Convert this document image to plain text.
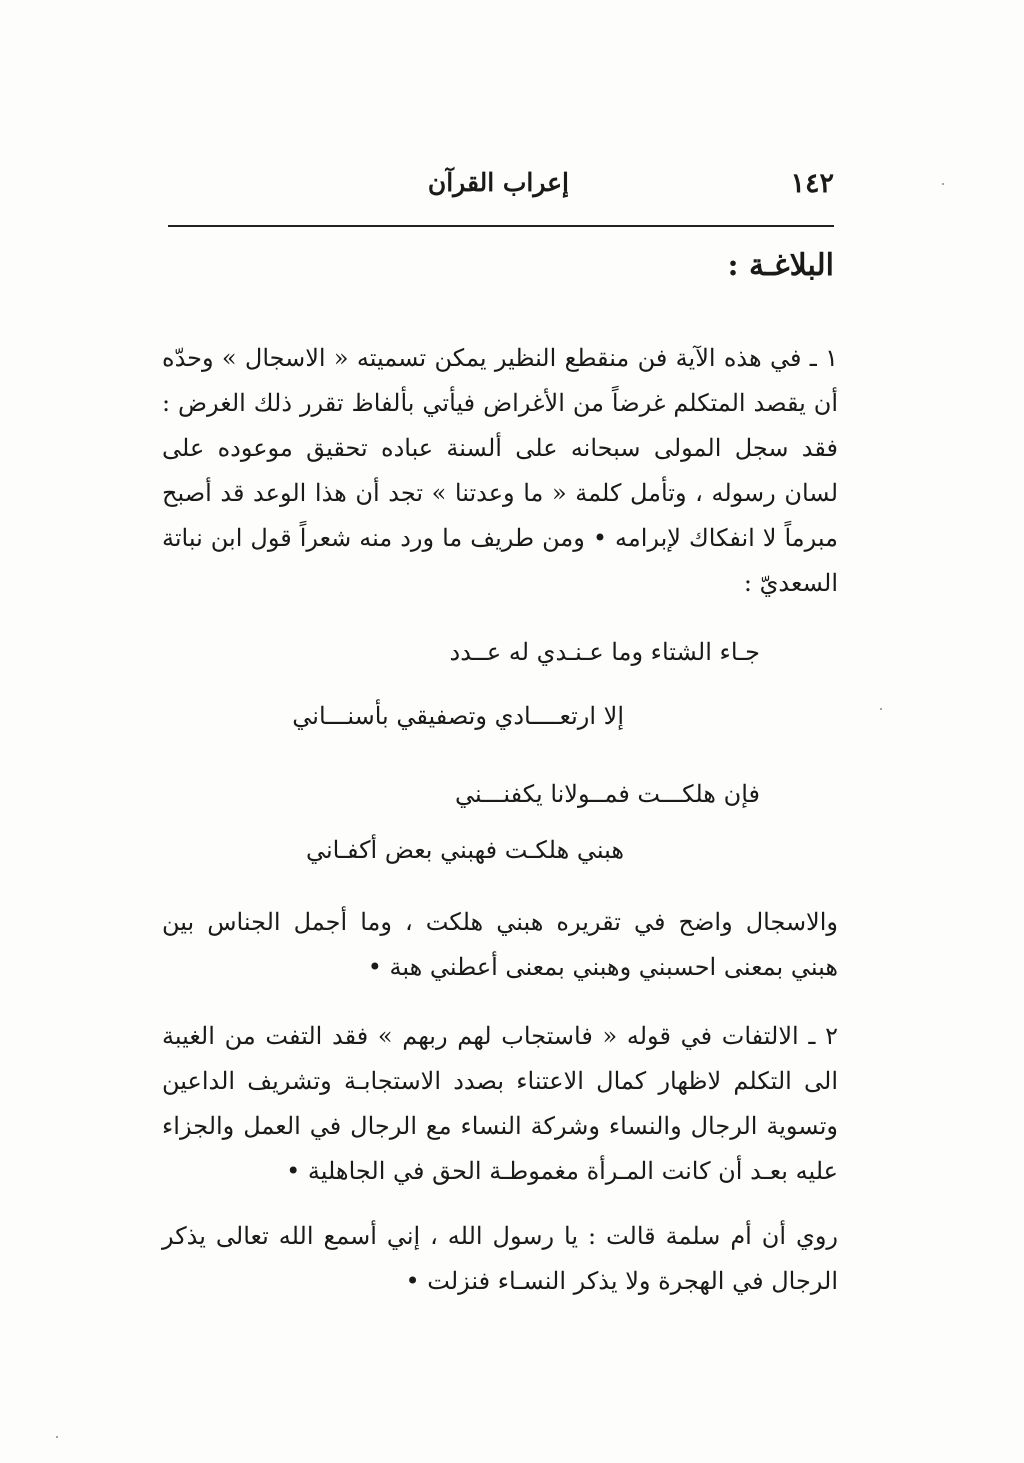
١٤٢
إعراب القرآن
البلاغـة :

١ ـ في هذه الآية فن منقطع النظير يمكن تسميته « الاسجال » وحدّه أن يقصد المتكلم غرضاً من الأغراض فيأتي بألفاظ تقرر ذلك الغرض : فقد سجل المولى سبحانه على ألسنة عباده تحقيق موعوده على لسان رسوله ، وتأمل كلمة « ما وعدتنا » تجد أن هذا الوعد قد أصبح مبرماً لا انفكاك لإبرامه • ومن طريف ما ورد منه شعراً قول ابن نباتة السعديّ :

جـاء الشتاء وما عـنـدي له عــدد
إلا ارتعــــادي وتصفيقي بأسنـــاني
فإن هلكـــت فمــولانا يكفنـــني
هبني هلكـت فهبني بعض أكفـاني

والاسجال واضح في تقريره هبني هلكت ، وما أجمل الجناس بين هبني بمعنى احسبني وهبني بمعنى أعطني هبة •

٢ ـ الالتفات في قوله « فاستجاب لهم ربهم » فقد التفت من الغيبة الى التكلم لاظهار كمال الاعتناء بصدد الاستجابـة وتشريف الداعين وتسوية الرجال والنساء وشركة النساء مع الرجال في العمل والجزاء عليه بعـد أن كانت المـرأة مغموطـة الحق في الجاهلية •

روي أن أم سلمة قالت : يا رسول الله ، إني أسمع الله تعالى يذكر الرجال في الهجرة ولا يذكر النسـاء فنزلت •
